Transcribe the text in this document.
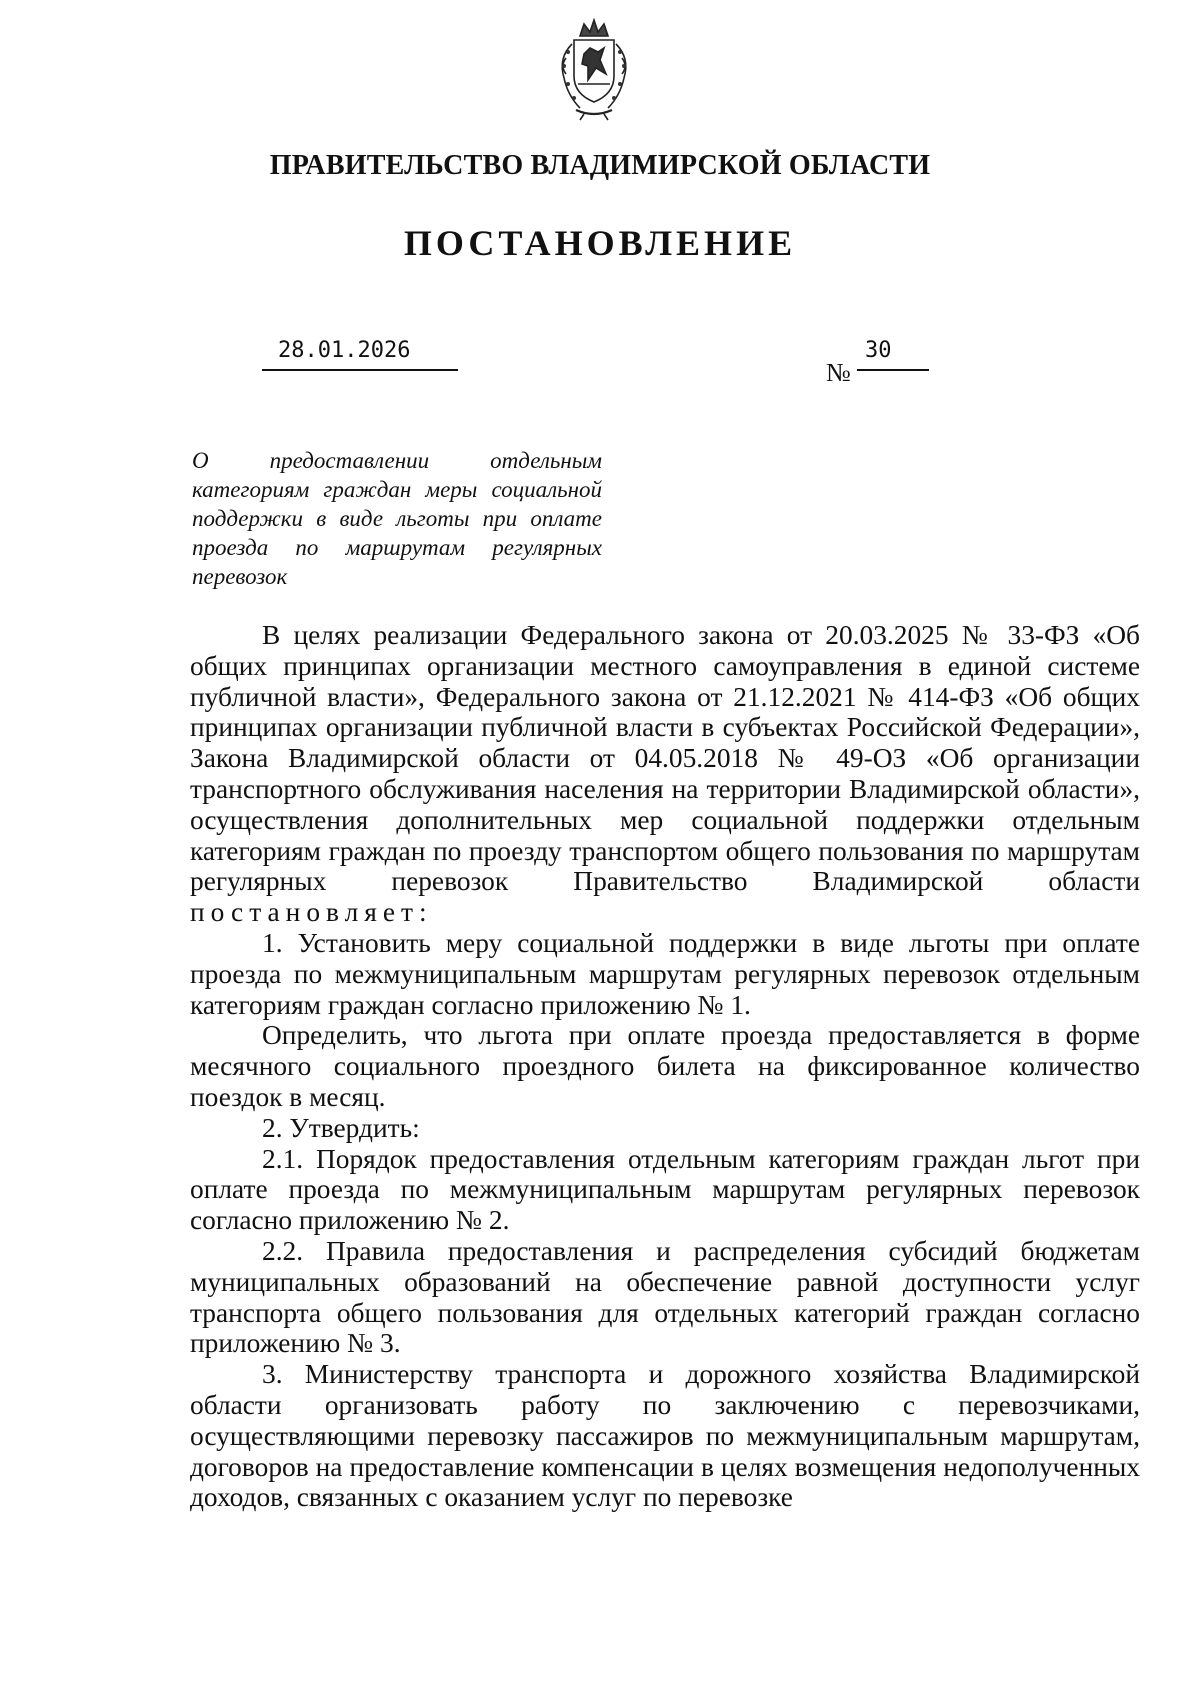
ПРАВИТЕЛЬСТВО ВЛАДИМИРСКОЙ ОБЛАСТИ
ПОСТАНОВЛЕНИЕ
28.01.2026
№
30
О предоставлении отдельным
категориям граждан меры социальной
поддержки в виде льготы при оплате
проезда по маршрутам регулярных
перевозок

В целях реализации Федерального закона от 20.03.2025 № 33-ФЗ «Об общих принципах организации местного самоуправления в единой системе публичной власти», Федерального закона от 21.12.2021 № 414-ФЗ «Об общих принципах организации публичной власти в субъектах Российской Федерации», Закона Владимирской области от 04.05.2018 № 49-ОЗ «Об организации транспортного обслуживания населения на территории Владимирской области», осуществления дополнительных мер социальной поддержки отдельным категориям граждан по проезду транспортом общего пользования по маршрутам регулярных перевозок Правительство Владимирской области постановляет:

1. Установить меру социальной поддержки в виде льготы при оплате проезда по межмуниципальным маршрутам регулярных перевозок отдельным категориям граждан согласно приложению № 1.

Определить, что льгота при оплате проезда предоставляется в форме месячного социального проездного билета на фиксированное количество поездок в месяц.

2. Утвердить:

2.1. Порядок предоставления отдельным категориям граждан льгот при оплате проезда по межмуниципальным маршрутам регулярных перевозок согласно приложению № 2.

2.2. Правила предоставления и распределения субсидий бюджетам муниципальных образований на обеспечение равной доступности услуг транспорта общего пользования для отдельных категорий граждан согласно приложению № 3.

3. Министерству транспорта и дорожного хозяйства Владимирской области организовать работу по заключению с перевозчиками, осуществляющими перевозку пассажиров по межмуниципальным маршрутам, договоров на предоставление компенсации в целях возмещения недополученных доходов, связанных с оказанием услуг по перевозке
